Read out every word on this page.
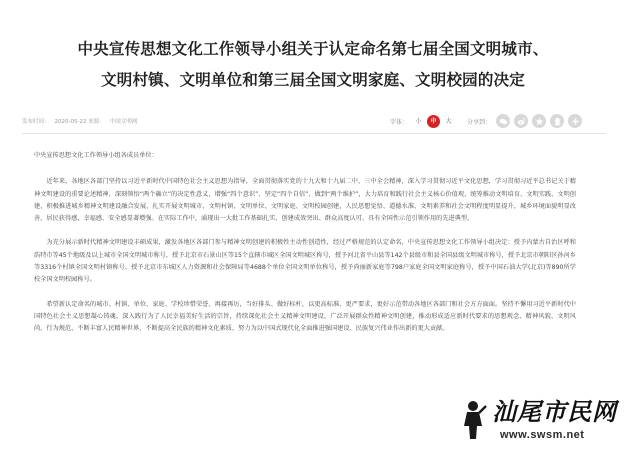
中央宣传思想文化工作领导小组关于认定命名第七届全国文明城市、
文明村镇、文明单位和第三届全国文明家庭、文明校园的决定
发布时间： 2020-05-22 来源： 中国文明网	字体：	小	中	大	分享到：

中央宣传思想文化工作领导小组各成员单位：

近年来，各地区各部门坚持以习近平新时代中国特色社会主义思想为指导，全面贯彻落实党的十九大和十九届二中、三中全会精神，深入学习贯彻习近平文化思想，学习贯彻习近平总书记关于精神文明建设的重要论述精神，深刻领悟“两个确立”的决定性意义，增强“四个意识”、坚定“四个自信”、做到“两个维护”，大力培育和践行社会主义核心价值观，统筹推动文明培育、文明实践、文明创建，积极推进城乡精神文明建设融合发展，扎实开展文明城市、文明村镇、文明单位、文明家庭、文明校园创建，人民思想觉悟、道德水准、文明素养和社会文明程度明显提升，城乡环境面貌明显改善，居民获得感、幸福感、安全感显著增强。在实际工作中，涌现出一大批工作基础扎实、创建成效突出、群众高度认可、具有全国性示范引领作用的先进典型。

为充分展示新时代精神文明建设丰硕成果，激发各地区各部门参与精神文明创建的积极性主动性创造性，经过严格规范的认定命名，中央宣传思想文化工作领导小组决定：授予内蒙古自治区呼和浩特市等45个地级及以上城市全国文明城市称号，授予北京市石景山区等15个直辖市城区全国文明城区称号，授予河北省平山县等142个县级市和县全国县级文明城市称号，授予北京市朝阳区孙河乡等3316个村镇全国文明村镇称号，授予北京市东城区人力资源和社会保障局等4688个单位全国文明单位称号，授予尚丽新家庭等798户家庭全国文明家庭称号，授予中国石油大学(北京)等890所学校全国文明校园称号。

希望新认定命名的城市、村镇、单位、家庭、学校珍惜荣誉、再接再厉，当好排头、做好标杆，以更高标准、更严要求，更好示范带动各地区各部门和社会方方面面。坚持不懈用习近平新时代中国特色社会主义思想凝心铸魂，深入践行为了人民幸福美好生活的宗旨，持续深化社会主义精神文明建设，广泛开展群众性精神文明创建，推动形成适应新时代要求的思想观念、精神风貌、文明风尚、行为规范，不断丰富人民精神世界，不断提高全民族的精神文化素质，努力为以中国式现代化全面推进强国建设、民族复兴伟业作出新的更大贡献。

汕尾市民网
www.swsm.net
